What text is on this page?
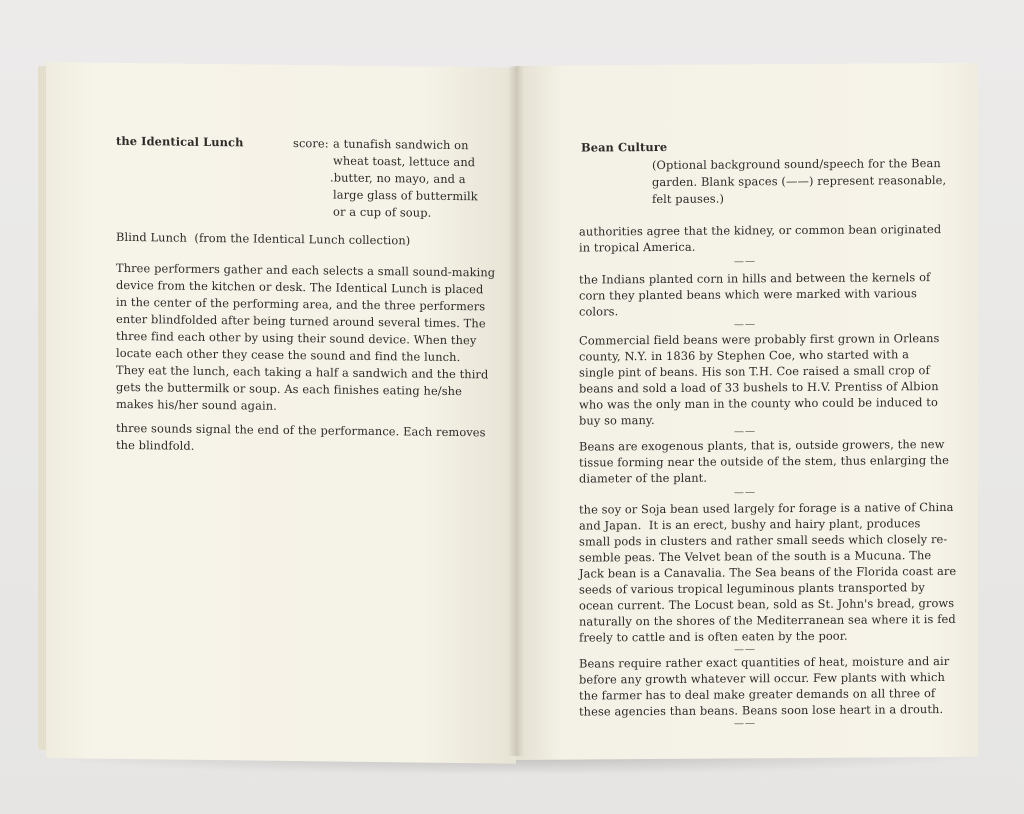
the Identical Lunch	score: a tunafish sandwich on
wheat toast, lettuce and
.butter, no mayo, and a
large glass of buttermilk
or a cup of soup.
Blind Lunch  (from the Identical Lunch collection)
Three performers gather and each selects a small sound-making
device from the kitchen or desk. The Identical Lunch is placed
in the center of the performing area, and the three performers
enter blindfolded after being turned around several times. The
three find each other by using their sound device. When they
locate each other they cease the sound and find the lunch.
They eat the lunch, each taking a half a sandwich and the third
gets the buttermilk or soup. As each finishes eating he/she
makes his/her sound again.
three sounds signal the end of the performance. Each removes
the blindfold.
Bean Culture
(Optional background sound/speech for the Bean
garden. Blank spaces (——) represent reasonable,
felt pauses.)
authorities agree that the kidney, or common bean originated
in tropical America.
——
the Indians planted corn in hills and between the kernels of
corn they planted beans which were marked with various
colors.
——
Commercial field beans were probably first grown in Orleans
county, N.Y. in 1836 by Stephen Coe, who started with a
single pint of beans. His son T.H. Coe raised a small crop of
beans and sold a load of 33 bushels to H.V. Prentiss of Albion
who was the only man in the county who could be induced to
buy so many.
——
Beans are exogenous plants, that is, outside growers, the new
tissue forming near the outside of the stem, thus enlarging the
diameter of the plant.
——
the soy or Soja bean used largely for forage is a native of China
and Japan.  It is an erect, bushy and hairy plant, produces
small pods in clusters and rather small seeds which closely re-
semble peas. The Velvet bean of the south is a Mucuna. The
Jack bean is a Canavalia. The Sea beans of the Florida coast are
seeds of various tropical leguminous plants transported by
ocean current. The Locust bean, sold as St. John's bread, grows
naturally on the shores of the Mediterranean sea where it is fed
freely to cattle and is often eaten by the poor.
——
Beans require rather exact quantities of heat, moisture and air
before any growth whatever will occur. Few plants with which
the farmer has to deal make greater demands on all three of
these agencies than beans. Beans soon lose heart in a drouth.
——
